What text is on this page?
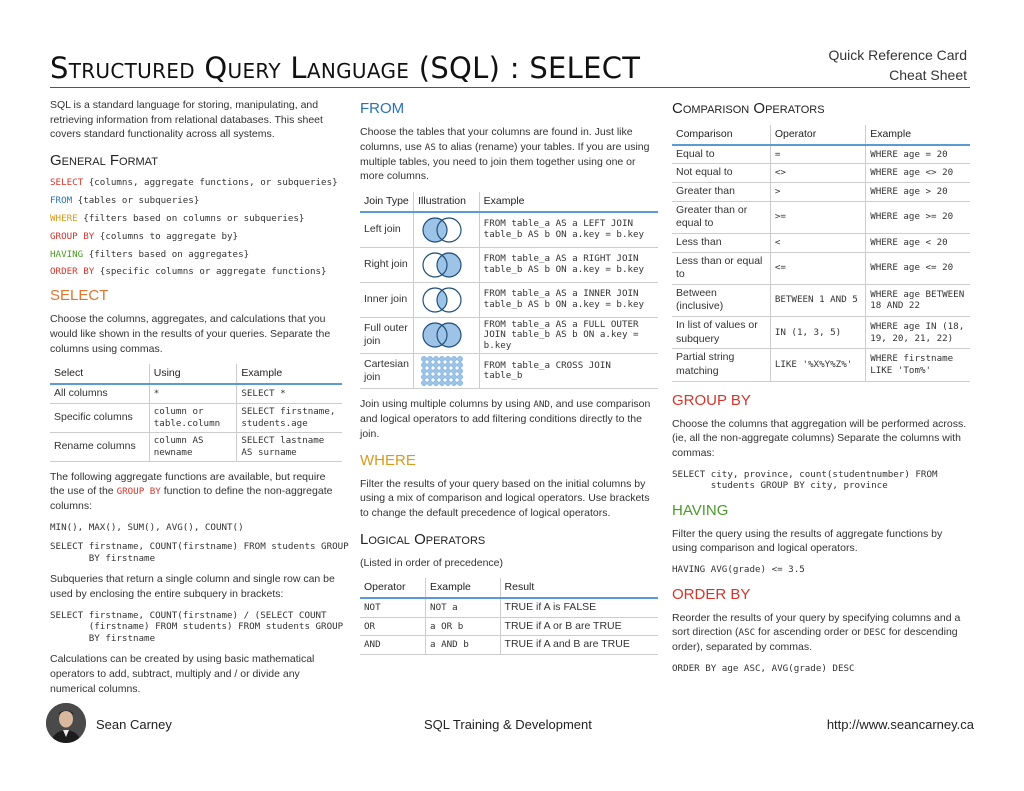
Structured Query Language (SQL) : SELECT	Quick Reference Card
Cheat Sheet

SQL is a standard language for storing, manipulating, and retrieving information from relational databases. This sheet covers standard functionality across all systems.

General Format
SELECT {columns, aggregate functions, or subqueries}
FROM {tables or subqueries}
WHERE {filters based on columns or subqueries}
GROUP BY {columns to aggregate by}
HAVING {filters based on aggregates}
ORDER BY {specific columns or aggregate functions}
SELECT

Choose the columns, aggregates, and calculations that you would like shown in the results of your queries. Separate the columns using commas.

Select	Using	Example
All columns	*	SELECT *
Specific columns	column or table.column	SELECT firstname, students.age
Rename columns	column AS newname	SELECT lastname AS surname

The following aggregate functions are available, but require the use of the GROUP BY function to define the non-aggregate columns:

MIN(), MAX(), SUM(), AVG(), COUNT()
SELECT firstname, COUNT(firstname) FROM students GROUP
BY firstname

Subqueries that return a single column and single row can be used by enclosing the entire subquery in brackets:

SELECT firstname, COUNT(firstname) / (SELECT COUNT
(firstname) FROM students) FROM students GROUP
BY firstname

Calculations can be created by using basic mathematical operators to add, subtract, multiply and / or divide any numerical columns.

FROM

Choose the tables that your columns are found in. Just like columns, use AS to alias (rename) your tables. If you are using multiple tables, you need to join them together using one or more columns.

Join Type	Illustration	Example
Left join		FROM table_a AS a LEFT JOIN
table_b AS b ON a.key = b.key
Right join		FROM table_a AS a RIGHT JOIN
table_b AS b ON a.key = b.key
Inner join		FROM table_a AS a INNER JOIN
table_b AS b ON a.key = b.key
Full outer join		FROM table_a AS a FULL OUTER
JOIN table_b AS b ON a.key =
b.key
Cartesian join		FROM table_a CROSS JOIN
table_b

Join using multiple columns by using AND, and use comparison and logical operators to add filtering conditions directly to the join.

WHERE

Filter the results of your query based on the initial columns by using a mix of comparison and logical operators. Use brackets to change the default precedence of logical operators.

Logical Operators

(Listed in order of precedence)

Operator	Example	Result
NOT	NOT a	TRUE if A is FALSE
OR	a OR b	TRUE if A or B are TRUE
AND	a AND b	TRUE if A and B are TRUE
Comparison Operators
Comparison	Operator	Example
Equal to	=	WHERE age = 20
Not equal to	<>	WHERE age <> 20
Greater than	>	WHERE age > 20
Greater than or equal to	>=	WHERE age >= 20
Less than	<	WHERE age < 20
Less than or equal to	<=	WHERE age <= 20
Between (inclusive)	BETWEEN 1 AND 5	WHERE age BETWEEN 18 AND 22
In list of values or subquery	IN (1, 3, 5)	WHERE age IN (18, 19, 20, 21, 22)
Partial string matching	LIKE '%X%Y%Z%'	WHERE firstname LIKE 'Tom%'
GROUP BY

Choose the columns that aggregation will be performed across. (ie, all the non-aggregate columns) Separate the columns with commas:

SELECT city, province, count(studentnumber) FROM
students GROUP BY city, province
HAVING

Filter the query using the results of aggregate functions by using comparison and logical operators.

HAVING AVG(grade) <= 3.5
ORDER BY

Reorder the results of your query by specifying columns and a sort direction (ASC for ascending order or DESC for descending order), separated by commas.

ORDER BY age ASC, AVG(grade) DESC
Sean Carney	SQL Training & Development	http://www.seancarney.ca
